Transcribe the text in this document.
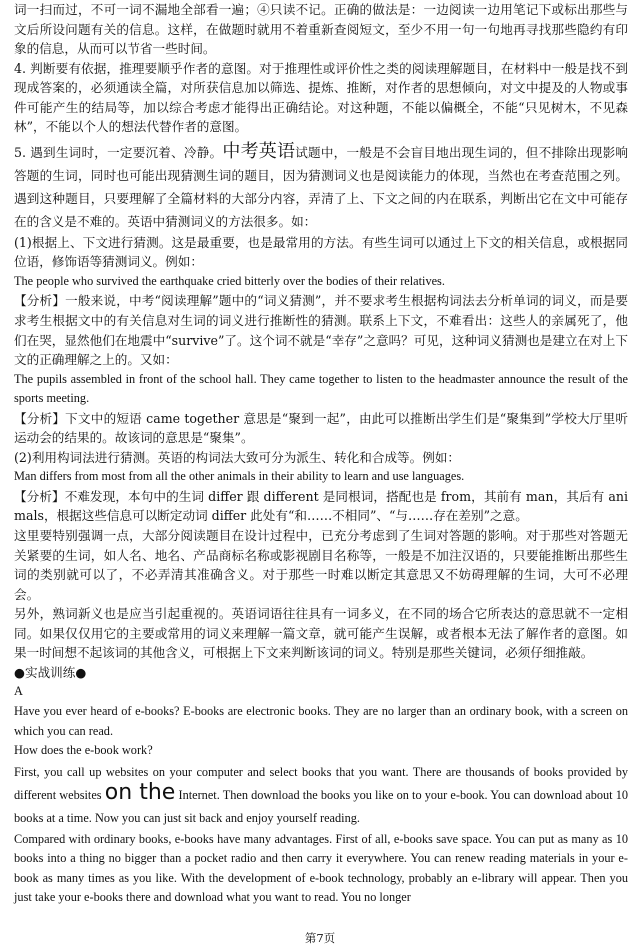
词一扫而过，不可一词不漏地全部看一遍；④只读不记。正确的做法是：一边阅读一边用笔记下或标出那些与文后所设问题有关的信息。这样，在做题时就用不着重新查阅短文，至少不用一句一句地再寻找那些隐约有印象的信息，从而可以节省一些时间。

4. 判断要有依据，推理要顺乎作者的意图。对于推理性或评价性之类的阅读理解题目，在材料中一般是找不到现成答案的，必须通读全篇，对所获信息加以筛选、提炼、推断，对作者的思想倾向，对文中提及的人物或事件可能产生的结局等，加以综合考虑才能得出正确结论。对这种题，不能以偏概全，不能“只见树木，不见森林”，不能以个人的想法代替作者的意图。

5. 遇到生词时，一定要沉着、冷静。中考英语试题中，一般是不会盲目地出现生词的，但不排除出现影响答题的生词，同时也可能出现猜测生词的题目，因为猜测词义也是阅读能力的体现，当然也在考查范围之列。遇到这种题目，只要理解了全篇材料的大部分内容，弄清了上、下文之间的内在联系，判断出它在文中可能存在的含义是不难的。英语中猜测词义的方法很多。如：

(1)根据上、下文进行猜测。这是最重要，也是最常用的方法。有些生词可以通过上下文的相关信息，或根据同位语，修饰语等猜测词义。例如：

The people who survived the earthquake cried bitterly over the bodies of their relatives.

【分析】一般来说，中考“阅读理解”题中的“词义猜测”，并不要求考生根据构词法去分析单词的词义，而是要求考生根据文中的有关信息对生词的词义进行推断性的猜测。联系上下文，不难看出：这些人的亲属死了，他们在哭，显然他们在地震中“survive”了。这个词不就是“幸存”之意吗？可见，这种词义猜测也是建立在对上下文的正确理解之上的。又如：

The pupils assembled in front of the school hall. They came together to listen to the headmaster announce the result of the sports meeting.

【分析】下文中的短语 came together 意思是“聚到一起”，由此可以推断出学生们是“聚集到”学校大厅里听运动会的结果的。故该词的意思是“聚集”。

(2)利用构词法进行猜测。英语的构词法大致可分为派生、转化和合成等。例如：

Man differs from most from all the other animals in their ability to learn and use languages.

【分析】不难发现，本句中的生词 differ 跟 different 是同根词，搭配也是 from，其前有 man，其后有 animals，根据这些信息可以断定动词 differ 此处有“和……不相同”、“与……存在差别”之意。

这里要特别强调一点，大部分阅读题目在设计过程中，已充分考虑到了生词对答题的影响。对于那些对答题无关紧要的生词，如人名、地名、产品商标名称或影视剧目名称等，一般是不加注汉语的，只要能推断出那些生词的类别就可以了，不必弄清其准确含义。对于那些一时难以断定其意思又不妨碍理解的生词，大可不必理会。

另外，熟词新义也是应当引起重视的。英语词语往往具有一词多义，在不同的场合它所表达的意思就不一定相同。如果仅仅用它的主要或常用的词义来理解一篇文章，就可能产生误解，或者根本无法了解作者的意图。如果一时间想不起该词的其他含义，可根据上下文来判断该词的词义。特别是那些关键词，必须仔细推敲。

●实战训练●

A

Have you ever heard of e-books? E-books are electronic books. They are no larger than an ordinary book, with a screen on which you can read.

How does the e-book work?

First, you call up websites on your computer and select books that you want. There are thousands of books provided by different websites on the Internet. Then download the books you like on to your e-book. You can download about 10 books at a time. Now you can just sit back and enjoy yourself reading.

Compared with ordinary books, e-books have many advantages. First of all, e-books save space. You can put as many as 10 books into a thing no bigger than a pocket radio and then carry it everywhere. You can renew reading materials in your e-book as many times as you like. With the development of e-book technology, probably an e-library will appear. Then you just take your e-books there and download what you want to read. You no longer

第7页
